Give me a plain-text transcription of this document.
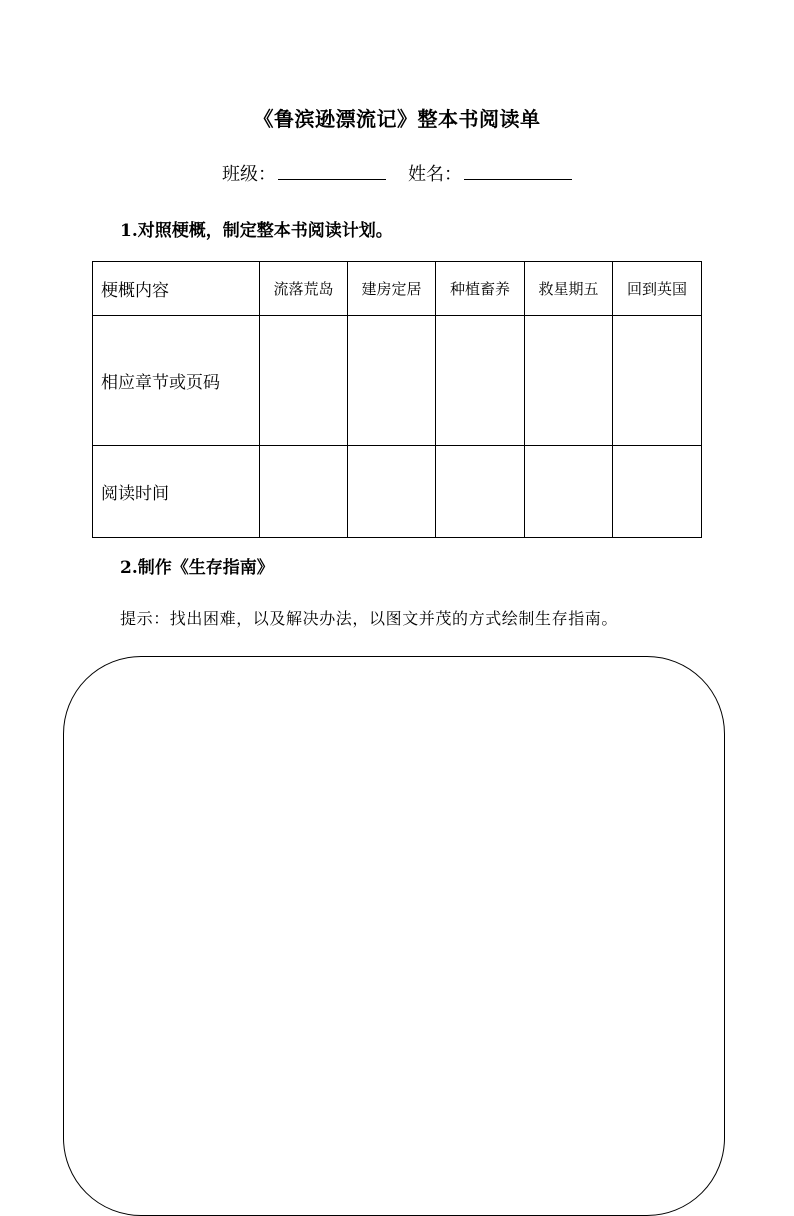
《鲁滨逊漂流记》整本书阅读单
班级：	姓名：

1.对照梗概，制定整本书阅读计划。

梗概内容	流落荒岛	建房定居	种植畜养	救星期五	回到英国
相应章节或页码					
阅读时间					

2.制作《生存指南》

提示：找出困难，以及解决办法，以图文并茂的方式绘制生存指南。
